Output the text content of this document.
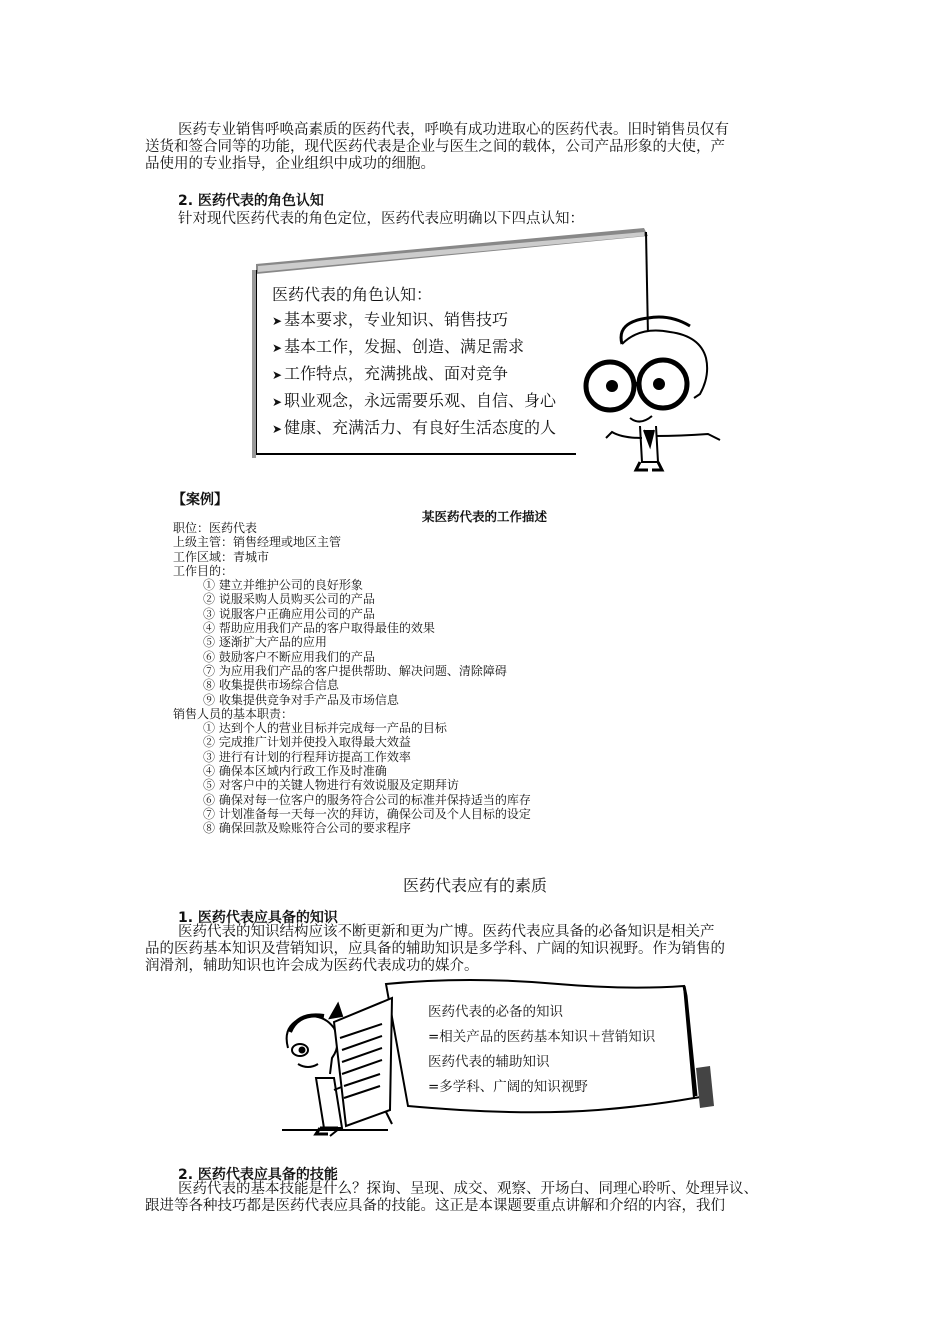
医药专业销售呼唤高素质的医药代表，呼唤有成功进取心的医药代表。旧时销售员仅有
送货和签合同等的功能，现代医药代表是企业与医生之间的载体，公司产品形象的大使，产
品使用的专业指导，企业组织中成功的细胞。
2. 医药代表的角色认知
针对现代医药代表的角色定位，医药代表应明确以下四点认知：
医药代表的角色认知：
➤ 基本要求，专业知识、销售技巧
➤ 基本工作，发掘、创造、满足需求
➤ 工作特点，充满挑战、面对竞争
➤ 职业观念，永远需要乐观、自信、身心
➤ 健康、充满活力、有良好生活态度的人
【案例】
某医药代表的工作描述
职位：医药代表
上级主管：销售经理或地区主管
工作区域：青城市
工作目的：
① 建立并维护公司的良好形象
② 说服采购人员购买公司的产品
③ 说服客户正确应用公司的产品
④ 帮助应用我们产品的客户取得最佳的效果
⑤ 逐渐扩大产品的应用
⑥ 鼓励客户不断应用我们的产品
⑦ 为应用我们产品的客户提供帮助、解决问题、清除障碍
⑧ 收集提供市场综合信息
⑨ 收集提供竞争对手产品及市场信息
销售人员的基本职责：
① 达到个人的营业目标并完成每一产品的目标
② 完成推广计划并使投入取得最大效益
③ 进行有计划的行程拜访提高工作效率
④ 确保本区域内行政工作及时准确
⑤ 对客户中的关键人物进行有效说服及定期拜访
⑥ 确保对每一位客户的服务符合公司的标准并保持适当的库存
⑦ 计划准备每一天每一次的拜访，确保公司及个人目标的设定
⑧ 确保回款及赊账符合公司的要求程序
医药代表应有的素质
1. 医药代表应具备的知识
医药代表的知识结构应该不断更新和更为广博。医药代表应具备的必备知识是相关产
品的医药基本知识及营销知识，应具备的辅助知识是多学科、广阔的知识视野。作为销售的
润滑剂，辅助知识也许会成为医药代表成功的媒介。
医药代表的必备的知识
=相关产品的医药基本知识＋营销知识
医药代表的辅助知识
=多学科、广阔的知识视野
2. 医药代表应具备的技能
医药代表的基本技能是什么？探询、呈现、成交、观察、开场白、同理心聆听、处理异议、
跟进等各种技巧都是医药代表应具备的技能。这正是本课题要重点讲解和介绍的内容，我们
